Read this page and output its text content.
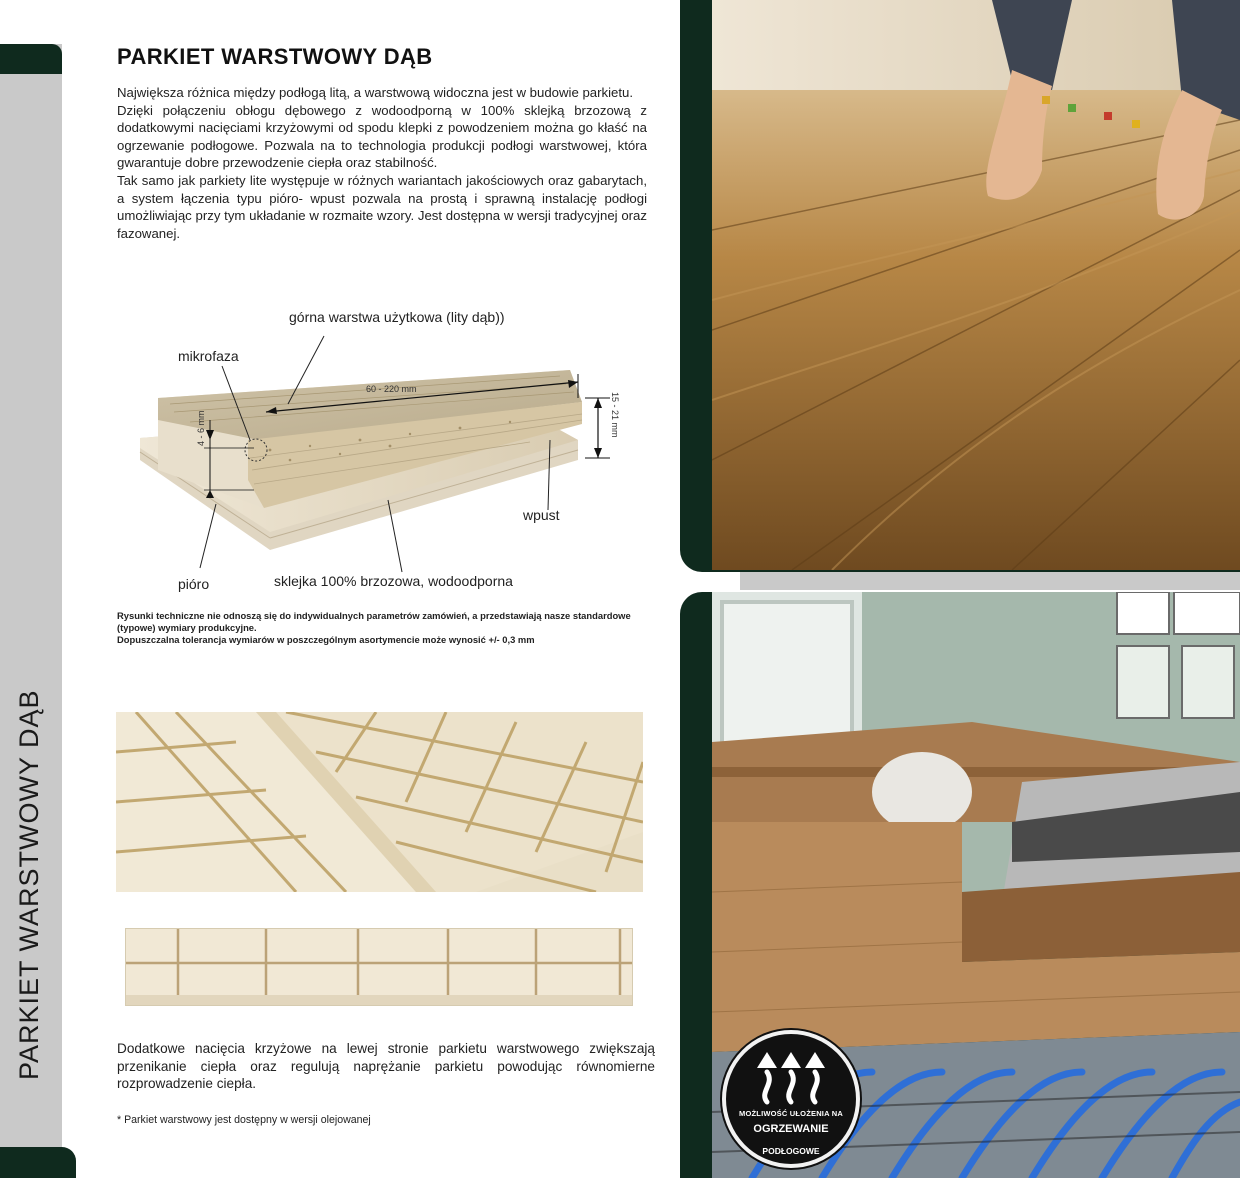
PARKIET WARSTWOWY DĄB
PARKIET WARSTWOWY DĄB

Największa różnica między podłogą litą, a warstwową widoczna jest w budowie parkietu.

Dzięki połączeniu obłogu dębowego z wodoodporną w 100% sklejką brzozową z dodatkowymi nacięciami krzyżowymi od spodu klepki z powodzeniem można go kłaść na ogrzewanie podłogowe. Pozwala na to technologia produkcji podłogi warstwowej, która gwarantuje dobre przewodzenie ciepła oraz stabilność.

Tak samo jak parkiety lite występuje w różnych wariantach jakościowych oraz gabarytach, a system łączenia typu pióro- wpust pozwala na prostą i sprawną instalację podłogi umożliwiając przy tym układanie w rozmaite wzory. Jest dostępna w wersji tradycyjnej oraz fazowanej.

górna warstwa użytkowa (lity dąb))
mikrofaza
60 - 220 mm
15 - 21 mm
4 - 6 mm
wpust
pióro	sklejka 100% brzozowa, wodoodporna
Rysunki techniczne nie odnoszą się do indywidualnych parametrów zamówień, a przedstawiają nasze standardowe (typowe) wymiary produkcyjne.
Dopuszczalna tolerancja wymiarów w poszczególnym asortymencie może wynosić +/- 0,3 mm
Dodatkowe nacięcia krzyżowe na lewej stronie parkietu warstwowego zwiększają przenikanie ciepła oraz regulują naprężanie parkietu powodując równomierne rozprowadzenie ciepła.
* Parkiet warstwowy jest dostępny w wersji olejowanej
MOŻLIWOŚĆ UŁOŻENIA NA
OGRZEWANIE
PODŁOGOWE
